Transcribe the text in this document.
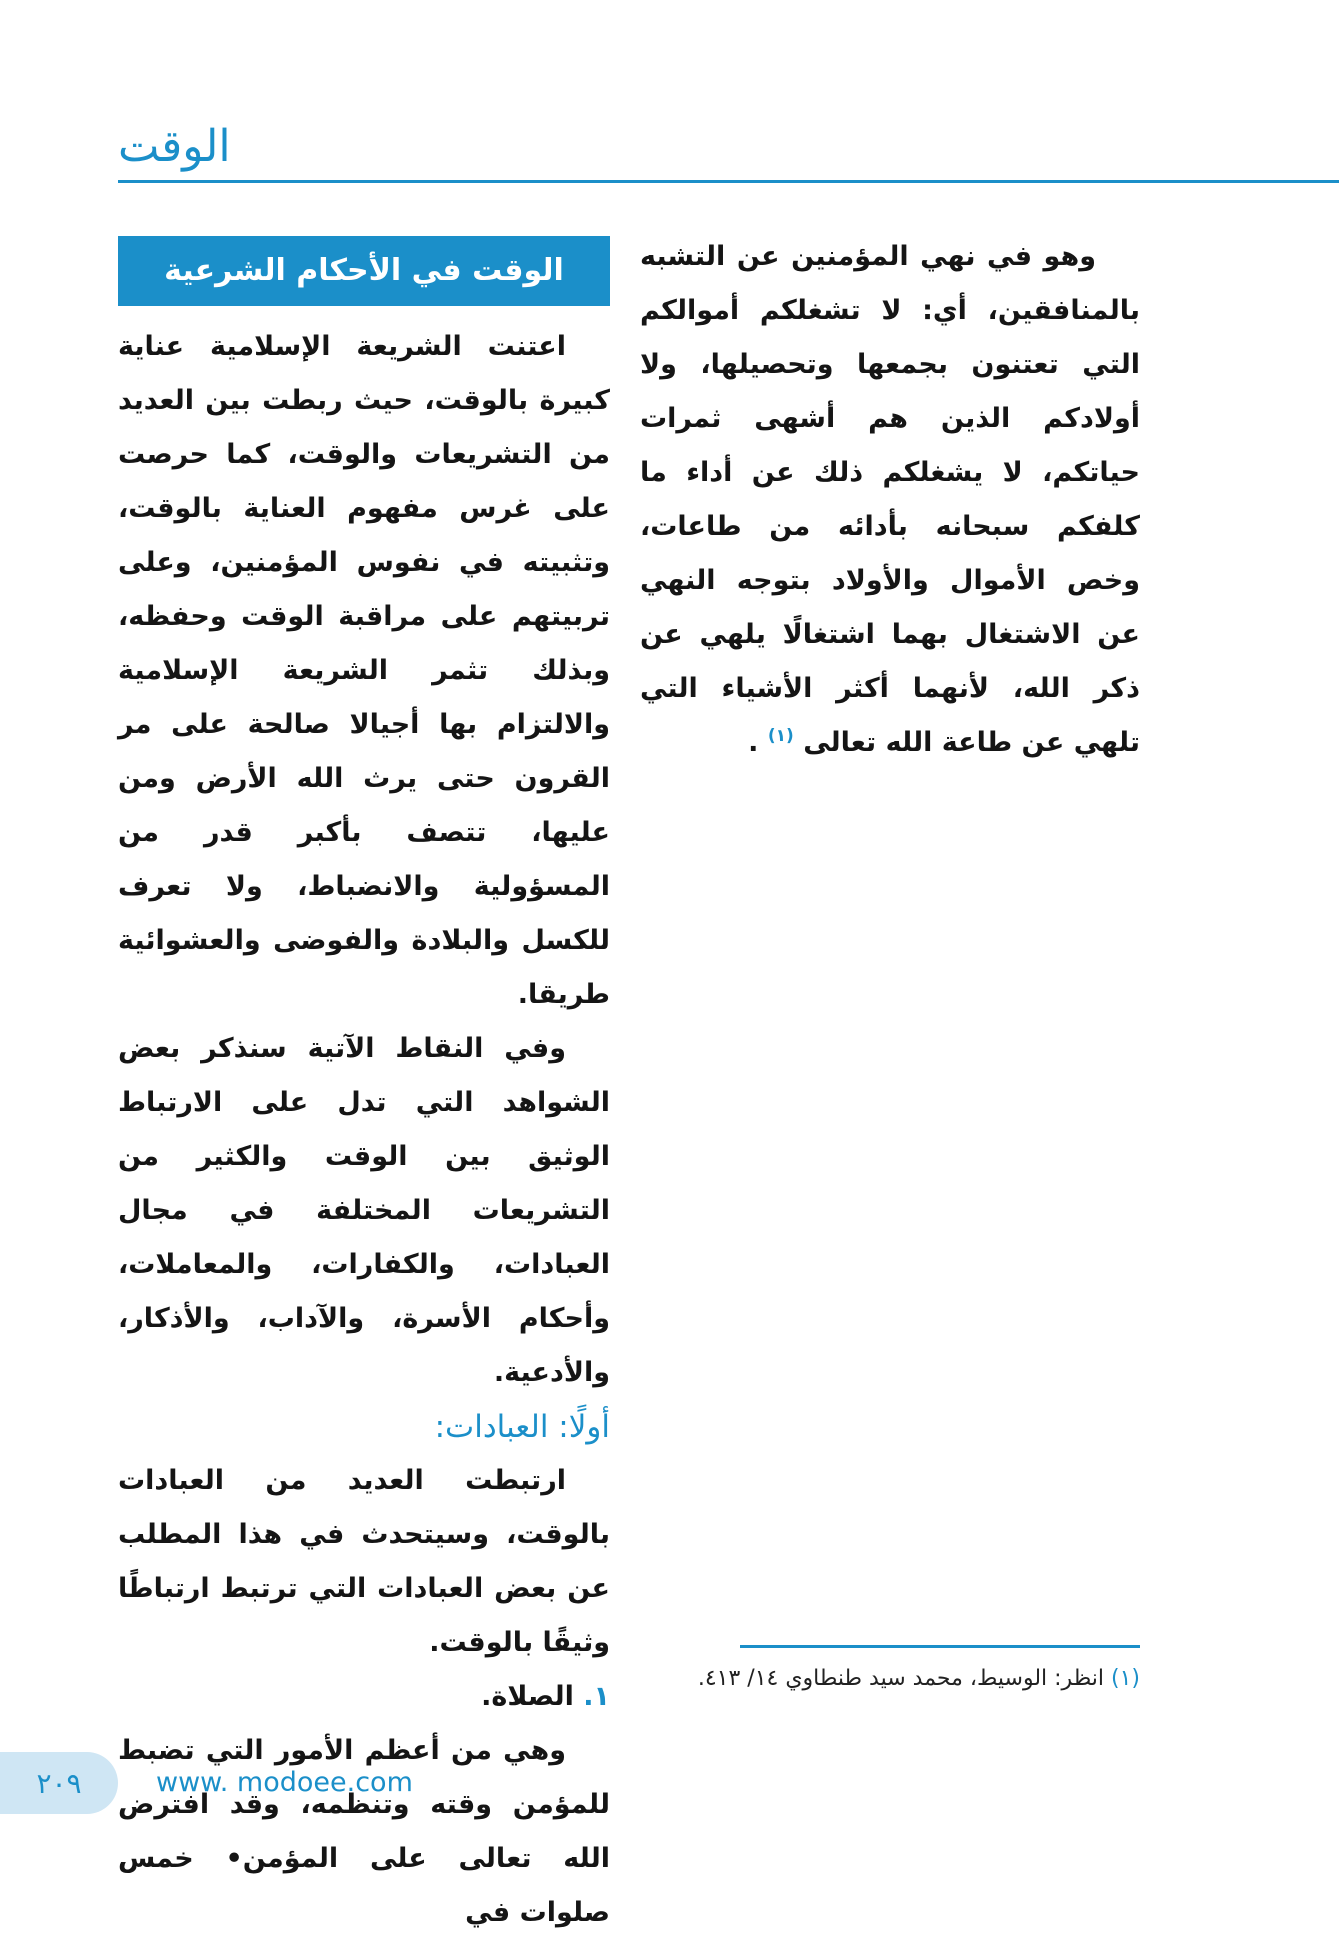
الوقت

وهو في نهي المؤمنين عن التشبه بالمنافقين، أي: لا تشغلكم أموالكم التي تعتنون بجمعها وتحصيلها، ولا أولادكم الذين هم أشهى ثمرات حياتكم، لا يشغلكم ذلك عن أداء ما كلفكم سبحانه بأدائه من طاعات، وخص الأموال والأولاد بتوجه النهي عن الاشتغال بهما اشتغالًا يلهي عن ذكر الله، لأنهما أكثر الأشياء التي تلهي عن طاعة الله تعالى $^{(١)}$ .

الوقت في الأحكام الشرعية

اعتنت الشريعة الإسلامية عناية كبيرة بالوقت، حيث ربطت بين العديد من التشريعات والوقت، كما حرصت على غرس مفهوم العناية بالوقت، وتثبيته في نفوس المؤمنين، وعلى تربيتهم على مراقبة الوقت وحفظه، وبذلك تثمر الشريعة الإسلامية والالتزام بها أجيالا صالحة على مر القرون حتى يرث الله الأرض ومن عليها، تتصف بأكبر قدر من المسؤولية والانضباط، ولا تعرف للكسل والبلادة والفوضى والعشوائية طريقا.

وفي النقاط الآتية سنذكر بعض الشواهد التي تدل على الارتباط الوثيق بين الوقت والكثير من التشريعات المختلفة في مجال العبادات، والكفارات، والمعاملات، وأحكام الأسرة، والآداب، والأذكار، والأدعية.

أولًا: العبادات:

ارتبطت العديد من العبادات بالوقت، وسيتحدث في هذا المطلب عن بعض العبادات التي ترتبط ارتباطًا وثيقًا بالوقت.

١. الصلاة.

وهي من أعظم الأمور التي تضبط للمؤمن وقته وتنظمه، وقد افترض الله تعالى على المؤمن• خمس صلوات في

(١) انظر: الوسيط، محمد سيد طنطاوي ١٤/ ٤١٣.
٢٠٩	www. modoee.com
